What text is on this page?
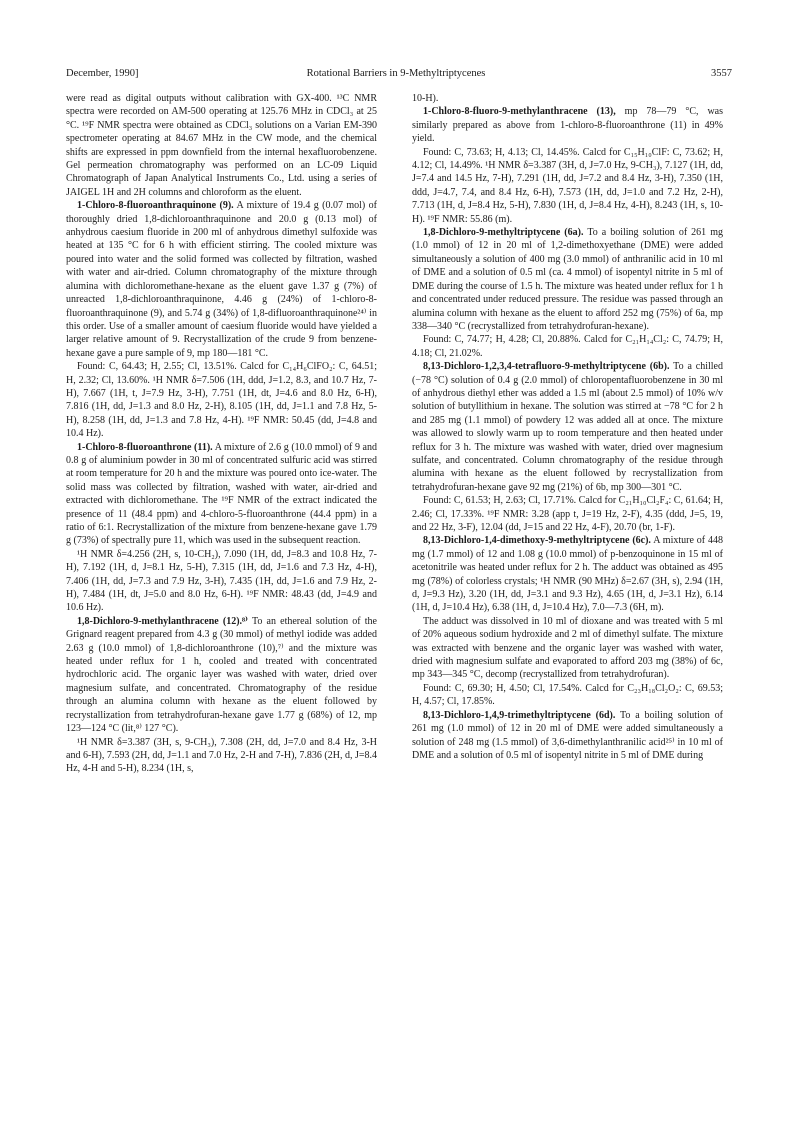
December, 1990]	Rotational Barriers in 9-Methyltriptycenes	3557

were read as digital outputs without calibration with GX-400. ¹³C NMR spectra were recorded on AM-500 operating at 125.76 MHz in CDCl₃ at 25 °C. ¹⁹F NMR spectra were obtained as CDCl₃ solutions on a Varian EM-390 spectrometer operating at 84.67 MHz in the CW mode, and the chemical shifts are expressed in ppm downfield from the internal hexafluorobenzene. Gel permeation chromatography was performed on an LC-09 Liquid Chromatograph of Japan Analytical Instruments Co., Ltd. using a series of JAIGEL 1H and 2H columns and chloroform as the eluent.

1-Chloro-8-fluoroanthraquinone (9). A mixture of 19.4 g (0.07 mol) of thoroughly dried 1,8-dichloroanthraquinone and 20.0 g (0.13 mol) of anhydrous caesium fluoride in 200 ml of anhydrous dimethyl sulfoxide was heated at 135 °C for 6 h with efficient stirring. The cooled mixture was poured into water and the solid formed was collected by filtration, washed with water and air-dried. Column chromatography of the mixture through alumina with dichloromethane-hexane as the eluent gave 1.37 g (7%) of unreacted 1,8-dichloroanthraquinone, 4.46 g (24%) of 1-chloro-8-fluoroanthraquinone (9), and 5.74 g (34%) of 1,8-difluoroanthraquinone²⁴⁾ in this order. Use of a smaller amount of caesium fluoride would have yielded a larger relative amount of 9. Recrystallization of the crude 9 from benzene-hexane gave a pure sample of 9, mp 180—181 °C.

Found: C, 64.43; H, 2.55; Cl, 13.51%. Calcd for C₁₄H₆ClFO₂: C, 64.51; H, 2.32; Cl, 13.60%. ¹H NMR δ=7.506 (1H, ddd, J=1.2, 8.3, and 10.7 Hz, 7-H), 7.667 (1H, t, J=7.9 Hz, 3-H), 7.751 (1H, dt, J=4.6 and 8.0 Hz, 6-H), 7.816 (1H, dd, J=1.3 and 8.0 Hz, 2-H), 8.105 (1H, dd, J=1.1 and 7.8 Hz, 5-H), 8.258 (1H, dd, J=1.3 and 7.8 Hz, 4-H). ¹⁹F NMR: 50.45 (dd, J=4.8 and 10.4 Hz).

1-Chloro-8-fluoroanthrone (11). A mixture of 2.6 g (10.0 mmol) of 9 and 0.8 g of aluminium powder in 30 ml of concentrated sulfuric acid was stirred at room temperature for 20 h and the mixture was poured onto ice-water. The solid mass was collected by filtration, washed with water, air-dried and extracted with dichloromethane. The ¹⁹F NMR of the extract indicated the presence of 11 (48.4 ppm) and 4-chloro-5-fluoroanthrone (44.4 ppm) in a ratio of 6:1. Recrystallization of the mixture from benzene-hexane gave 1.79 g (73%) of spectrally pure 11, which was used in the subsequent reaction.

¹H NMR δ=4.256 (2H, s, 10-CH₂), 7.090 (1H, dd, J=8.3 and 10.8 Hz, 7-H), 7.192 (1H, d, J=8.1 Hz, 5-H), 7.315 (1H, dd, J=1.6 and 7.3 Hz, 4-H), 7.406 (1H, dd, J=7.3 and 7.9 Hz, 3-H), 7.435 (1H, dd, J=1.6 and 7.9 Hz, 2-H), 7.484 (1H, dt, J=5.0 and 8.0 Hz, 6-H). ¹⁹F NMR: 48.43 (dd, J=4.9 and 10.6 Hz).

1,8-Dichloro-9-methylanthracene (12).⁸⁾ To an ethereal solution of the Grignard reagent prepared from 4.3 g (30 mmol) of methyl iodide was added 2.63 g (10.0 mmol) of 1,8-dichloroanthrone (10),⁷⁾ and the mixture was heated under reflux for 1 h, cooled and treated with concentrated hydrochloric acid. The organic layer was washed with water, dried over magnesium sulfate, and concentrated. Chromatography of the residue through an alumina column with hexane as the eluent followed by recrystallization from tetrahydrofuran-hexane gave 1.77 g (68%) of 12, mp 123—124 °C (lit,⁸⁾ 127 °C).

¹H NMR δ=3.387 (3H, s, 9-CH₃), 7.308 (2H, dd, J=7.0 and 8.4 Hz, 3-H and 6-H), 7.593 (2H, dd, J=1.1 and 7.0 Hz, 2-H and 7-H), 7.836 (2H, d, J=8.4 Hz, 4-H and 5-H), 8.234 (1H, s,

10-H).

1-Chloro-8-fluoro-9-methylanthracene (13), mp 78—79 °C, was similarly prepared as above from 1-chloro-8-fluoroanthrone (11) in 49% yield.

Found: C, 73.63; H, 4.13; Cl, 14.45%. Calcd for C₁₅H₁₀ClF: C, 73.62; H, 4.12; Cl, 14.49%. ¹H NMR δ=3.387 (3H, d, J=7.0 Hz, 9-CH₃), 7.127 (1H, dd, J=7.4 and 14.5 Hz, 7-H), 7.291 (1H, dd, J=7.2 and 8.4 Hz, 3-H), 7.350 (1H, ddd, J=4.7, 7.4, and 8.4 Hz, 6-H), 7.573 (1H, dd, J=1.0 and 7.2 Hz, 2-H), 7.713 (1H, d, J=8.4 Hz, 5-H), 7.830 (1H, d, J=8.4 Hz, 4-H), 8.243 (1H, s, 10-H). ¹⁹F NMR: 55.86 (m).

1,8-Dichloro-9-methyltriptycene (6a). To a boiling solution of 261 mg (1.0 mmol) of 12 in 20 ml of 1,2-dimethoxyethane (DME) were added simultaneously a solution of 400 mg (3.0 mmol) of anthranilic acid in 10 ml of DME and a solution of 0.5 ml (ca. 4 mmol) of isopentyl nitrite in 5 ml of DME during the course of 1.5 h. The mixture was heated under reflux for 1 h and concentrated under reduced pressure. The residue was passed through an alumina column with hexane as the eluent to afford 252 mg (75%) of 6a, mp 338—340 °C (recrystallized from tetrahydrofuran-hexane).

Found: C, 74.77; H, 4.28; Cl, 20.88%. Calcd for C₂₁H₁₄Cl₂: C, 74.79; H, 4.18; Cl, 21.02%.

8,13-Dichloro-1,2,3,4-tetrafluoro-9-methyltriptycene (6b). To a chilled (−78 °C) solution of 0.4 g (2.0 mmol) of chloropentafluorobenzene in 30 ml of anhydrous diethyl ether was added a 1.5 ml (about 2.5 mmol) of 10% w/v solution of butyllithium in hexane. The solution was stirred at −78 °C for 2 h and 285 mg (1.1 mmol) of powdery 12 was added all at once. The mixture was allowed to slowly warm up to room temperature and then heated under reflux for 3 h. The mixture was washed with water, dried over magnesium sulfate, and concentrated. Column chromatography of the residue through alumina with hexane as the eluent followed by recrystallization from tetrahydrofuran-hexane gave 92 mg (21%) of 6b, mp 300—301 °C.

Found: C, 61.53; H, 2.63; Cl, 17.71%. Calcd for C₂₁H₁₀Cl₂F₄: C, 61.64; H, 2.46; Cl, 17.33%. ¹⁹F NMR: 3.28 (app t, J=19 Hz, 2-F), 4.35 (ddd, J=5, 19, and 22 Hz, 3-F), 12.04 (dd, J=15 and 22 Hz, 4-F), 20.70 (br, 1-F).

8,13-Dichloro-1,4-dimethoxy-9-methyltriptycene (6c). A mixture of 448 mg (1.7 mmol) of 12 and 1.08 g (10.0 mmol) of p-benzoquinone in 15 ml of acetonitrile was heated under reflux for 2 h. The adduct was obtained as 495 mg (78%) of colorless crystals; ¹H NMR (90 MHz) δ=2.67 (3H, s), 2.94 (1H, d, J=9.3 Hz), 3.20 (1H, dd, J=3.1 and 9.3 Hz), 4.65 (1H, d, J=3.1 Hz), 6.14 (1H, d, J=10.4 Hz), 6.38 (1H, d, J=10.4 Hz), 7.0—7.3 (6H, m).

The adduct was dissolved in 10 ml of dioxane and was treated with 5 ml of 20% aqueous sodium hydroxide and 2 ml of dimethyl sulfate. The mixture was extracted with benzene and the organic layer was washed with water, dried with magnesium sulfate and evaporated to afford 203 mg (38%) of 6c, mp 343—345 °C, decomp (recrystallized from tetrahydrofuran).

Found: C, 69.30; H, 4.50; Cl, 17.54%. Calcd for C₂₃H₁₈Cl₂O₂: C, 69.53; H, 4.57; Cl, 17.85%.

8,13-Dichloro-1,4,9-trimethyltriptycene (6d). To a boiling solution of 261 mg (1.0 mmol) of 12 in 20 ml of DME were added simultaneously a solution of 248 mg (1.5 mmol) of 3,6-dimethylanthranilic acid²⁵⁾ in 10 ml of DME and a solution of 0.5 ml of isopentyl nitrite in 5 ml of DME during
